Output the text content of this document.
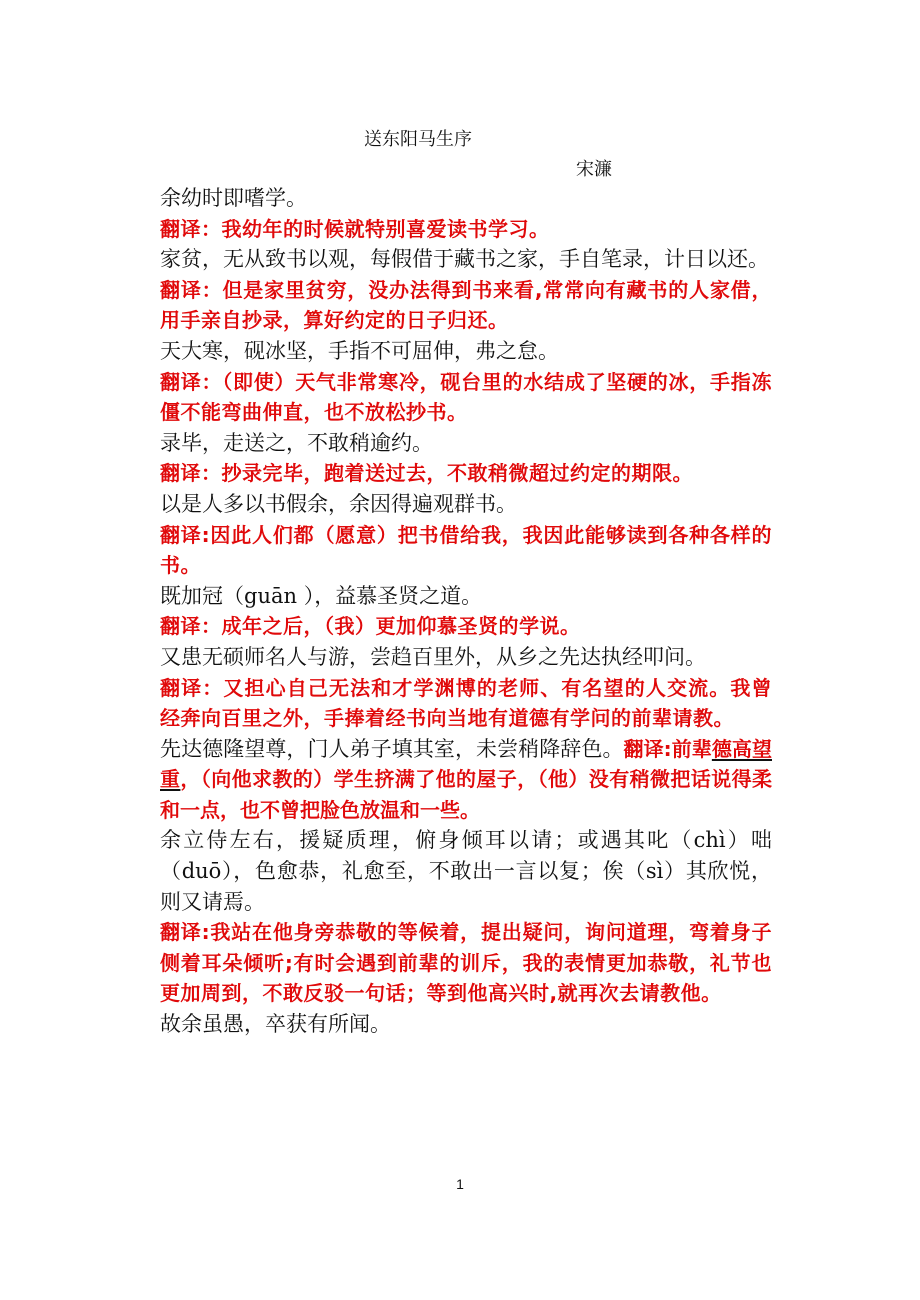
送东阳马生序
宋濂

余幼时即嗜学。

翻译：我幼年的时候就特别喜爱读书学习。

家贫，无从致书以观，每假借于藏书之家，手自笔录，计日以还。

翻译：但是家里贫穷，没办法得到书来看,常常向有藏书的人家借，用手亲自抄录，算好约定的日子归还。

天大寒，砚冰坚，手指不可屈伸，弗之怠。

翻译：（即使）天气非常寒冷，砚台里的水结成了坚硬的冰，手指冻僵不能弯曲伸直，也不放松抄书。

录毕，走送之，不敢稍逾约。

翻译：抄录完毕，跑着送过去，不敢稍微超过约定的期限。

以是人多以书假余，余因得遍观群书。

翻译:因此人们都（愿意）把书借给我，我因此能够读到各种各样的书。

既加冠（guān ），益慕圣贤之道。

翻译：成年之后，（我）更加仰慕圣贤的学说。

又患无硕师名人与游，尝趋百里外，从乡之先达执经叩问。

翻译：又担心自己无法和才学渊博的老师、有名望的人交流。我曾经奔向百里之外，手捧着经书向当地有道德有学问的前辈请教。

先达德隆望尊，门人弟子填其室，未尝稍降辞色。翻译:前辈德高望重，（向他求教的）学生挤满了他的屋子，（他）没有稍微把话说得柔和一点，也不曾把脸色放温和一些。

余立侍左右，援疑质理，俯身倾耳以请；或遇其叱（chì）咄（duō），色愈恭，礼愈至，不敢出一言以复；俟（sì）其欣悦，则又请焉。

翻译:我站在他身旁恭敬的等候着，提出疑问，询问道理，弯着身子侧着耳朵倾听;有时会遇到前辈的训斥，我的表情更加恭敬，礼节也更加周到，不敢反驳一句话；等到他高兴时,就再次去请教他。

故余虽愚，卒获有所闻。

1
